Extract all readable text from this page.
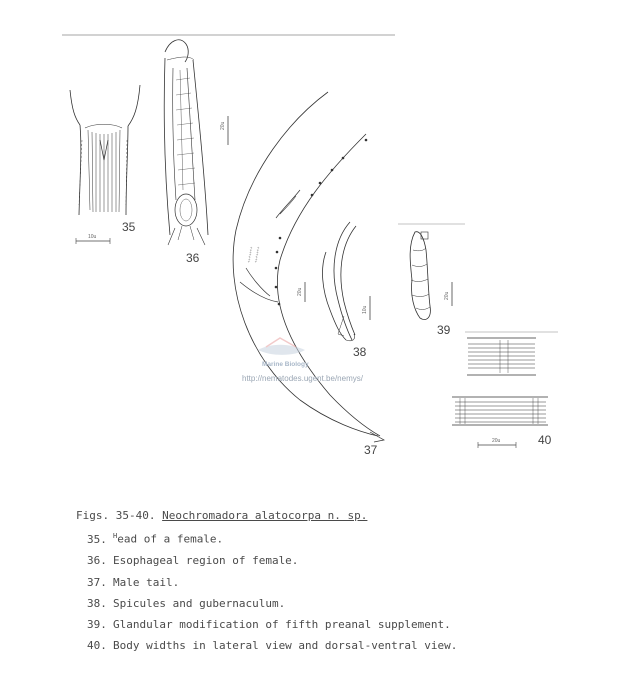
10u
35
20u
36	+++++++ +++++++
20u
37
10u
38
20u
39
20u	40
Marine Biology
http://nematodes.ugent.be/nemys/
Figs. 35-40. Neochromadora alatocorpa n. sp.
35. $^H$ead of a female.
36. Esophageal region of female.
37. Male tail.
38. Spicules and gubernaculum.
39. Glandular modification of fifth preanal supplement.
40. Body widths in lateral view and dorsal-ventral view.
